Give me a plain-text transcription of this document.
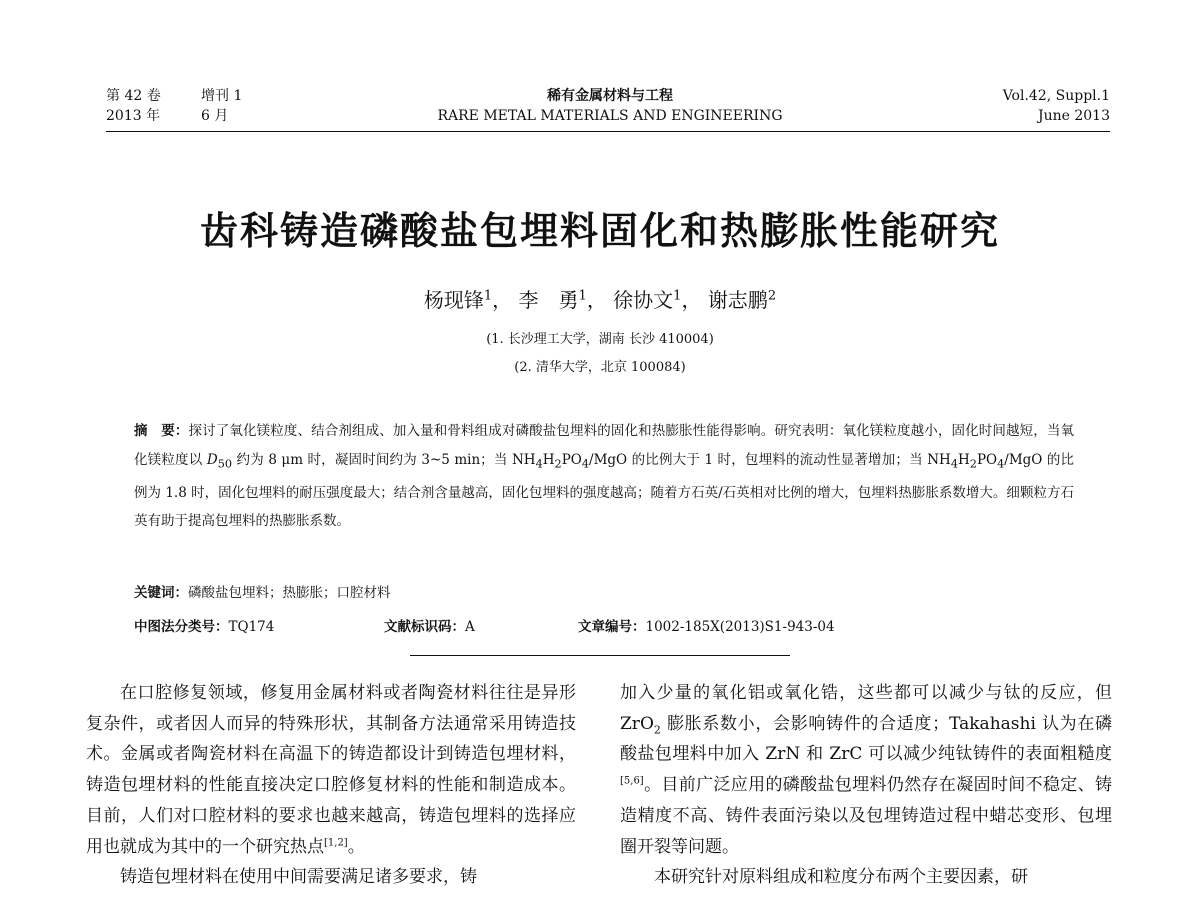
第 42 卷	增刊 1
2013 年	6 月
稀有金属材料与工程
RARE METAL MATERIALS AND ENGINEERING
Vol.42, Suppl.1
June 2013
齿科铸造磷酸盐包埋料固化和热膨胀性能研究
杨现锋$^1$， 李　勇$^1$， 徐协文$^1$， 谢志鹏$^2$
(1. 长沙理工大学，湖南 长沙 410004)
(2. 清华大学，北京 100084)
摘　要：探讨了氧化镁粒度、结合剂组成、加入量和骨料组成对磷酸盐包埋料的固化和热膨胀性能得影响。研究表明：氧化镁粒度越小，固化时间越短，当氧化镁粒度以 $D_{50}$ 约为 8 μm 时，凝固时间约为 3~5 min；当 $NH_4H_2PO_4$/MgO 的比例大于 1 时，包埋料的流动性显著增加；当 $NH_4H_2PO_4$/MgO 的比例为 1.8 时，固化包埋料的耐压强度最大；结合剂含量越高，固化包埋料的强度越高；随着方石英/石英相对比例的增大，包埋料热膨胀系数增大。细颗粒方石英有助于提高包埋料的热膨胀系数。
关键词：磷酸盐包埋料；热膨胀；口腔材料
中图法分类号：TQ174	文献标识码：A	文章编号：1002-185X(2013)S1-943-04

在口腔修复领域，修复用金属材料或者陶瓷材料往往是异形复杂件，或者因人而异的特殊形状，其制备方法通常采用铸造技术。金属或者陶瓷材料在高温下的铸造都设计到铸造包埋材料，铸造包埋材料的性能直接决定口腔修复材料的性能和制造成本。目前，人们对口腔材料的要求也越来越高，铸造包埋料的选择应用也就成为其中的一个研究热点[1,2]。

铸造包埋材料在使用中间需要满足诸多要求，铸

加入少量的氧化铝或氧化锆，这些都可以减少与钛的反应，但 ZrO$_2$ 膨胀系数小，会影响铸件的合适度；Takahashi 认为在磷酸盐包埋料中加入 ZrN 和 ZrC 可以减少纯钛铸件的表面粗糙度[5,6]。目前广泛应用的磷酸盐包埋料仍然存在凝固时间不稳定、铸造精度不高、铸件表面污染以及包埋铸造过程中蜡芯变形、包埋圈开裂等问题。

本研究针对原料组成和粒度分布两个主要因素，研
